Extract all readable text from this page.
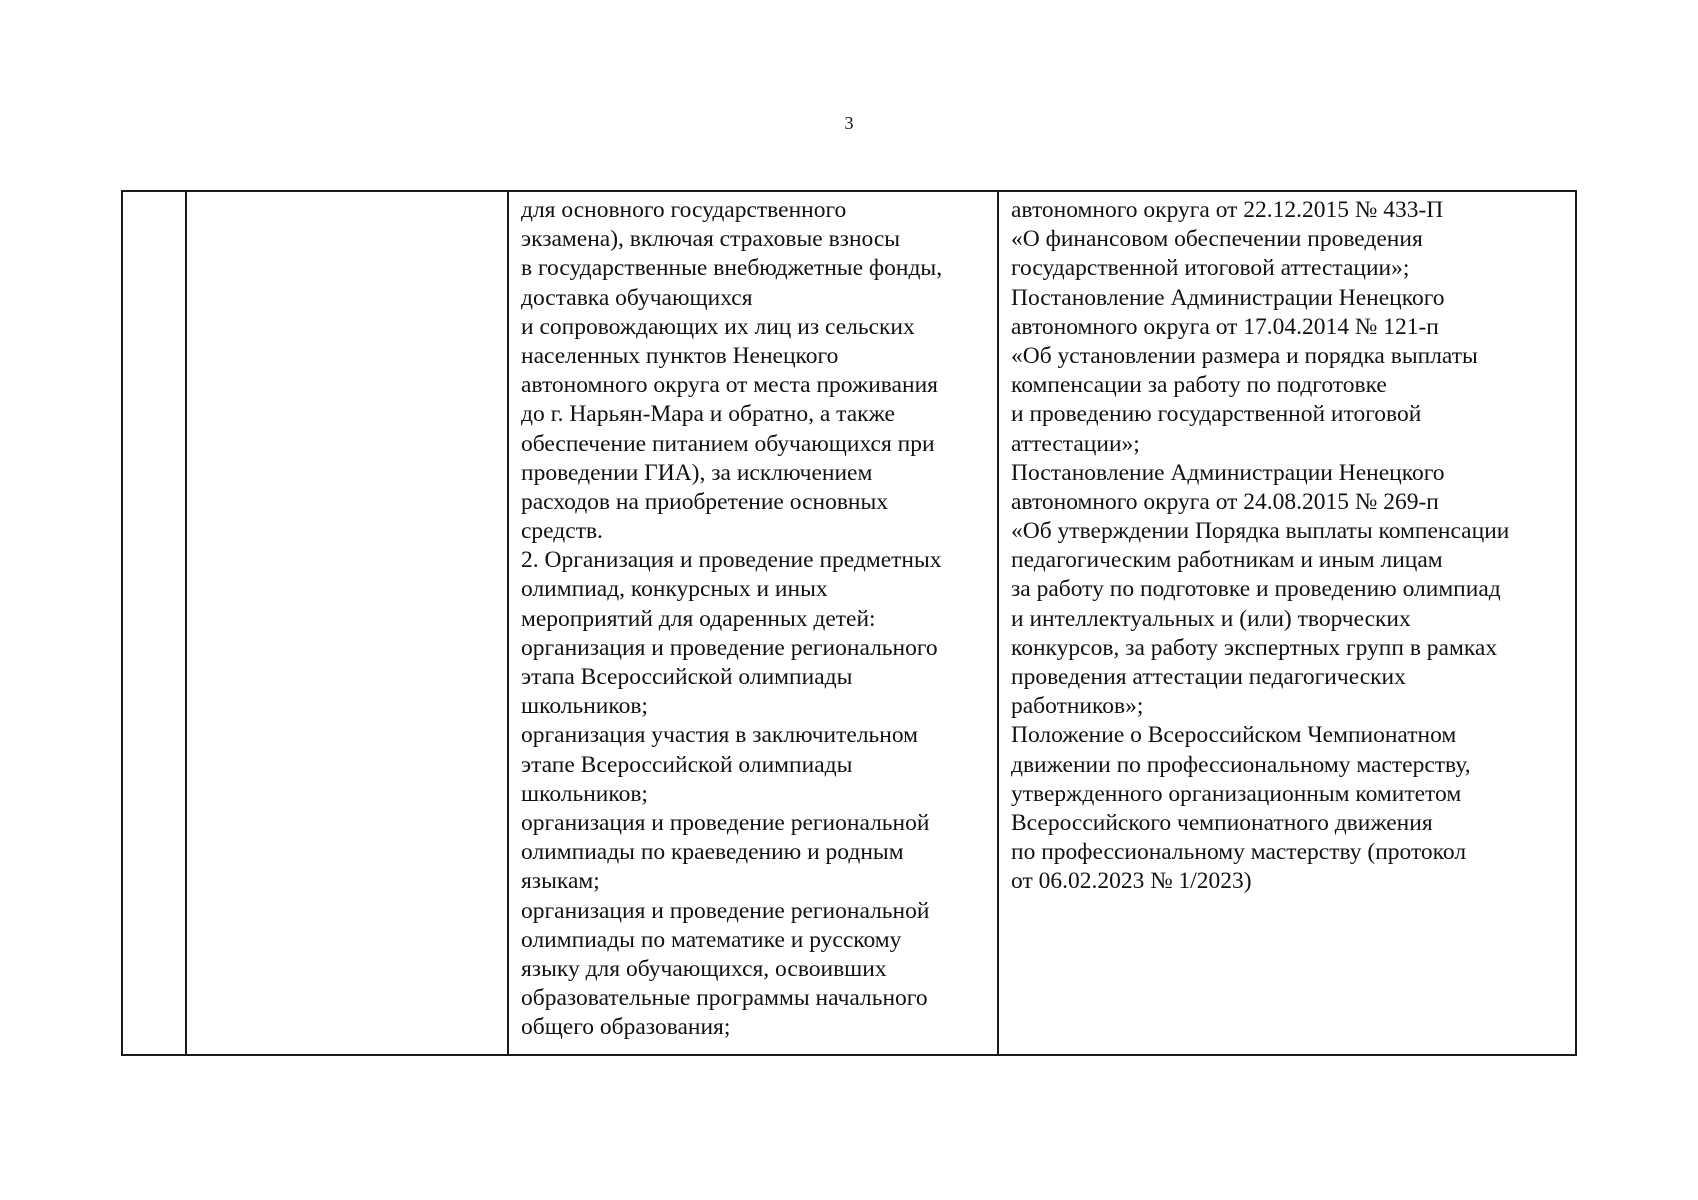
3
для основного государственного
экзамена), включая страховые взносы
в государственные внебюджетные фонды,
доставка обучающихся
и сопровождающих их лиц из сельских
населенных пунктов Ненецкого
автономного округа от места проживания
до г. Нарьян-Мара и обратно, а также
обеспечение питанием обучающихся при
проведении ГИА), за исключением
расходов на приобретение основных
средств.
2. Организация и проведение предметных
олимпиад, конкурсных и иных
мероприятий для одаренных детей:
организация и проведение регионального
этапа Всероссийской олимпиады
школьников;
организация участия в заключительном
этапе Всероссийской олимпиады
школьников;
организация и проведение региональной
олимпиады по краеведению и родным
языкам;
организация и проведение региональной
олимпиады по математике и русскому
языку для обучающихся, освоивших
образовательные программы начального
общего образования;
автономного округа от 22.12.2015 № 433-П
«О финансовом обеспечении проведения
государственной итоговой аттестации»;
Постановление Администрации Ненецкого
автономного округа от 17.04.2014 № 121-п
«Об установлении размера и порядка выплаты
компенсации за работу по подготовке
и проведению государственной итоговой
аттестации»;
Постановление Администрации Ненецкого
автономного округа от 24.08.2015 № 269-п
«Об утверждении Порядка выплаты компенсации
педагогическим работникам и иным лицам
за работу по подготовке и проведению олимпиад
и интеллектуальных и (или) творческих
конкурсов, за работу экспертных групп в рамках
проведения аттестации педагогических
работников»;
Положение о Всероссийском Чемпионатном
движении по профессиональному мастерству,
утвержденного организационным комитетом
Всероссийского чемпионатного движения
по профессиональному мастерству (протокол
от 06.02.2023 № 1/2023)
